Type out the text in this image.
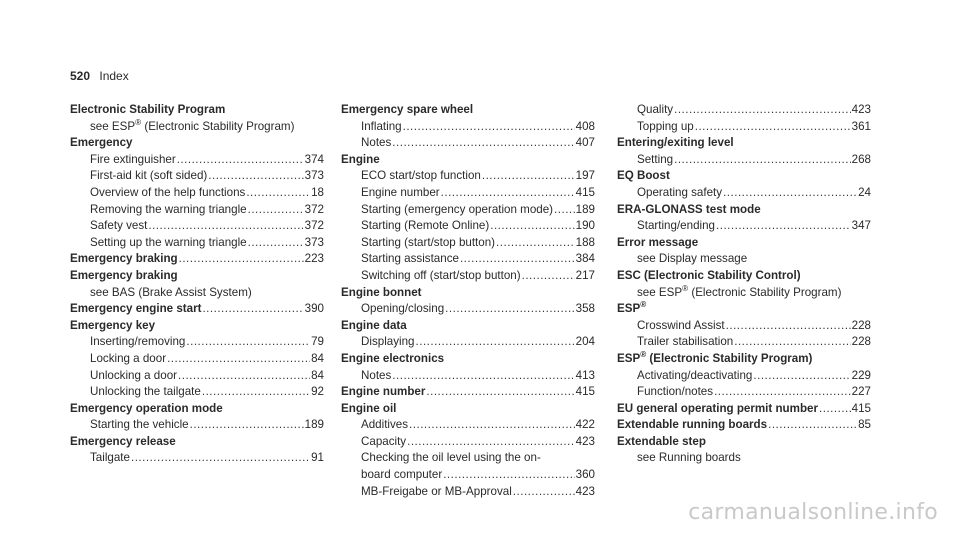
520 Index
Electronic Stability Program
see ESP® (Electronic Stability Program)
Emergency
Fire extinguisher .....	374
First-aid kit (soft sided) .....	373
Overview of the help functions .....	18
Removing the warning triangle .....	372
Safety vest .....	372
Setting up the warning triangle .....	373
Emergency braking .....	223
Emergency braking
see BAS (Brake Assist System)
Emergency engine start .....	390
Emergency key
Inserting/removing .....	79
Locking a door .....	84
Unlocking a door .....	84
Unlocking the tailgate .....	92
Emergency operation mode
Starting the vehicle .....	189
Emergency release
Tailgate .....	91
Emergency spare wheel
Inflating .....	408
Notes .....	407
Engine
ECO start/stop function .....	197
Engine number .....	415
Starting (emergency operation mode) ..... 189
Starting (Remote Online) .....	190
Starting (start/stop button) .....	188
Starting assistance .....	384
Switching off (start/stop button) .....	217
Engine bonnet
Opening/closing .....	358
Engine data
Displaying .....	204
Engine electronics
Notes .....	413
Engine number .....	415
Engine oil
Additives .....	422
Capacity .....	423
Checking the oil level using the on-
board computer .....	360
MB-Freigabe or MB-Approval .....	423
Quality .....	423
Topping up .....	361
Entering/exiting level
Setting .....	268
EQ Boost
Operating safety .....	24
ERA-GLONASS test mode
Starting/ending .....	347
Error message
see Display message
ESC (Electronic Stability Control)
see ESP® (Electronic Stability Program)
ESP®
Crosswind Assist .....	228
Trailer stabilisation .....	228
ESP® (Electronic Stability Program)
Activating/deactivating .....	229
Function/notes .....	227
EU general operating permit number .....	415
Extendable running boards .....	85
Extendable step
see Running boards
carmanualsonline.info
